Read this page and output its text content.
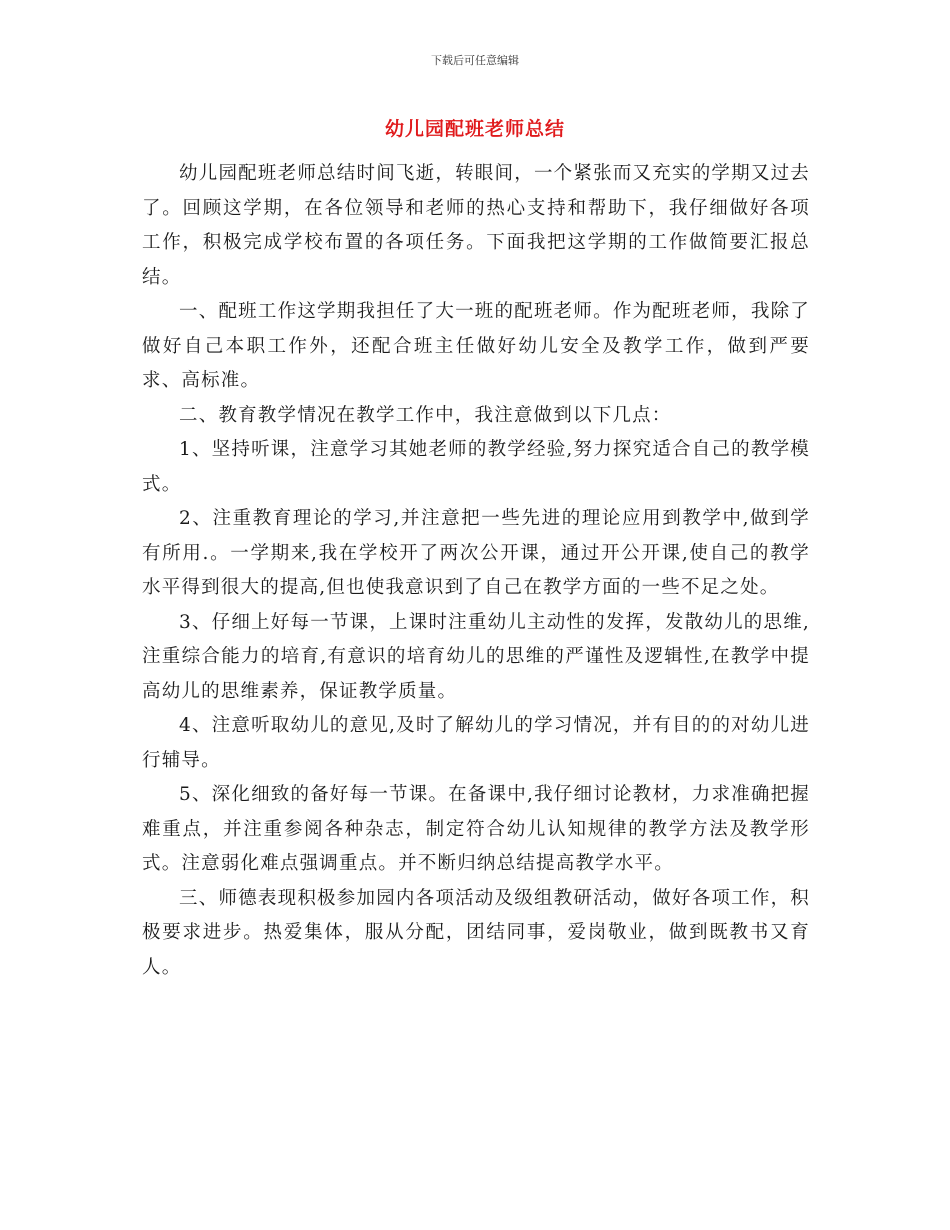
下载后可任意编辑
幼儿园配班老师总结

幼儿园配班老师总结时间飞逝，转眼间，一个紧张而又充实的学期又过去了。回顾这学期，在各位领导和老师的热心支持和帮助下，我仔细做好各项工作，积极完成学校布置的各项任务。下面我把这学期的工作做简要汇报总结。

一、配班工作这学期我担任了大一班的配班老师。作为配班老师，我除了做好自己本职工作外，还配合班主任做好幼儿安全及教学工作，做到严要求、高标准。

二、教育教学情况在教学工作中，我注意做到以下几点：

1、坚持听课，注意学习其她老师的教学经验,努力探究适合自己的教学模式。

2、注重教育理论的学习,并注意把一些先进的理论应用到教学中,做到学有所用.。一学期来,我在学校开了两次公开课，通过开公开课,使自己的教学水平得到很大的提高,但也使我意识到了自己在教学方面的一些不足之处。

3、仔细上好每一节课，上课时注重幼儿主动性的发挥，发散幼儿的思维,注重综合能力的培育,有意识的培育幼儿的思维的严谨性及逻辑性,在教学中提高幼儿的思维素养，保证教学质量。

4、注意听取幼儿的意见,及时了解幼儿的学习情况，并有目的的对幼儿进行辅导。

5、深化细致的备好每一节课。在备课中,我仔细讨论教材，力求准确把握难重点，并注重参阅各种杂志，制定符合幼儿认知规律的教学方法及教学形式。注意弱化难点强调重点。并不断归纳总结提高教学水平。

三、师德表现积极参加园内各项活动及级组教研活动，做好各项工作，积极要求进步。热爱集体，服从分配，团结同事，爱岗敬业，做到既教书又育人。
